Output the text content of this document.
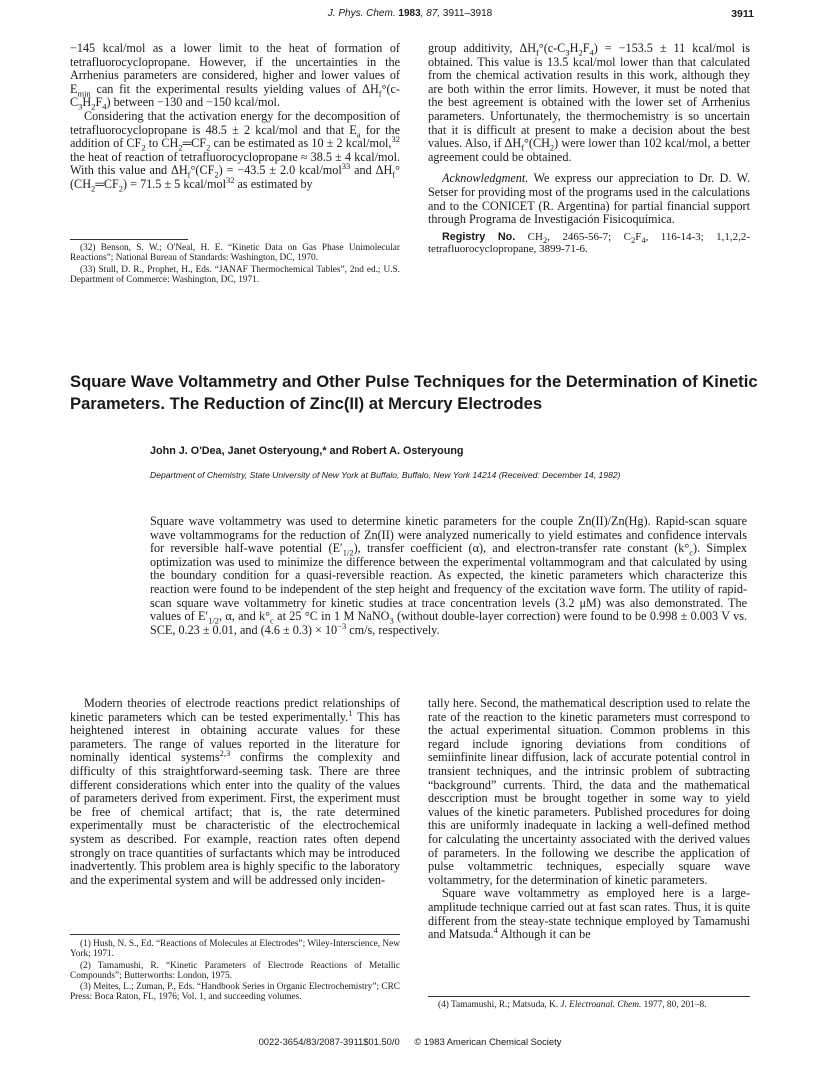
J. Phys. Chem. 1983, 87, 3911–3918	3911

−145 kcal/mol as a lower limit to the heat of formation of tetrafluorocyclopropane. However, if the uncertainties in the Arrhenius parameters are considered, higher and lower values of $E_{min}$ can fit the experimental results yielding values of $\Delta H_f^\circ(c-C_3H_2F_4)$ between −130 and −150 kcal/mol.

Considering that the activation energy for the decomposition of tetrafluorocyclopropane is 48.5 ± 2 kcal/mol and that $E_a$ for the addition of $CF_2$ to $CH_2═CF_2$ can be estimated as 10 ± 2 kcal/mol,$^{32}$ the heat of reaction of tetrafluorocyclopropane ≈ 38.5 ± 4 kcal/mol. With this value and $\Delta H_f^\circ(CF_2) = -43.5 \pm 2.0$ kcal/mol$^{33}$ and $\Delta H_f^\circ(CH_2═CF_2) = 71.5 \pm 5$ kcal/mol$^{32}$ as estimated by

(32) Benson, S. W.; O'Neal, H. E. “Kinetic Data on Gas Phase Unimolecular Reactions”; National Bureau of Standards: Washington, DC, 1970.

(33) Stull, D. R., Prophet, H., Eds. “JANAF Thermochemical Tables”, 2nd ed.; U.S. Department of Commerce: Washington, DC, 1971.

group additivity, $\Delta H_f^\circ(c-C_3H_2F_4) = -153.5 \pm 11$ kcal/mol is obtained. This value is 13.5 kcal/mol lower than that calculated from the chemical activation results in this work, although they are both within the error limits. However, it must be noted that the best agreement is obtained with the lower set of Arrhenius parameters. Unfortunately, the thermochemistry is so uncertain that it is difficult at present to make a decision about the best values. Also, if $\Delta H_f^\circ(CH_2)$ were lower than 102 kcal/mol, a better agreement could be obtained.

Acknowledgment. We express our appreciation to Dr. D. W. Setser for providing most of the programs used in the calculations and to the CONICET (R. Argentina) for partial financial support through Programa de Investigación Fisicoquímica.

Registry No. $CH_2$, 2465-56-7; $C_2F_4$, 116-14-3; 1,1,2,2-tetrafluorocyclopropane, 3899-71-6.

Square Wave Voltammetry and Other Pulse Techniques for the Determination of Kinetic Parameters. The Reduction of Zinc(II) at Mercury Electrodes
John J. O'Dea, Janet Osteryoung,* and Robert A. Osteryoung
Department of Chemistry, State University of New York at Buffalo, Buffalo, New York 14214 (Received: December 14, 1982)
Square wave voltammetry was used to determine kinetic parameters for the couple Zn(II)/Zn(Hg). Rapid-scan square wave voltammograms for the reduction of Zn(II) were analyzed numerically to yield estimates and confidence intervals for reversible half-wave potential $(E'_{1/2})$, transfer coefficient (α), and electron-transfer rate constant $(k^\circ_c)$. Simplex optimization was used to minimize the difference between the experimental voltammogram and that calculated by using the boundary condition for a quasi-reversible reaction. As expected, the kinetic parameters which characterize this reaction were found to be independent of the step height and frequency of the excitation wave form. The utility of rapid-scan square wave voltammetry for kinetic studies at trace concentration levels (3.2 μM) was also demonstrated. The values of $E'_{1/2}$, α, and $k^\circ_c$ at 25 °C in 1 M NaNO$_3$ (without double-layer correction) were found to be 0.998 ± 0.003 V vs. SCE, 0.23 ± 0.01, and $(4.6 \pm 0.3) \times 10^{-3}$ cm/s, respectively.

Modern theories of electrode reactions predict relationships of kinetic parameters which can be tested experimentally.$^1$ This has heightened interest in obtaining accurate values for these parameters. The range of values reported in the literature for nominally identical systems$^{2,3}$ confirms the complexity and difficulty of this straightforward-seeming task. There are three different considerations which enter into the quality of the values of parameters derived from experiment. First, the experiment must be free of chemical artifact; that is, the rate determined experimentally must be characteristic of the electrochemical system as described. For example, reaction rates often depend strongly on trace quantities of surfactants which may be introduced inadvertently. This problem area is highly specific to the laboratory and the experimental system and will be addressed only inciden-

(1) Hush, N. S., Ed. “Reactions of Molecules at Electrodes”; Wiley-Interscience, New York; 1971.

(2) Tamamushi, R. “Kinetic Parameters of Electrode Reactions of Metallic Compounds”; Butterworths: London, 1975.

(3) Meites, L.; Zuman, P., Eds. “Handbook Series in Organic Electrochemistry”; CRC Press: Boca Raton, FL, 1976; Vol. 1, and succeeding volumes.

tally here. Second, the mathematical description used to relate the rate of the reaction to the kinetic parameters must correspond to the actual experimental situation. Common problems in this regard include ignoring deviations from conditions of semiinfinite linear diffusion, lack of accurate potential control in transient techniques, and the intrinsic problem of subtracting “background” currents. Third, the data and the mathematical desccription must be brought together in some way to yield values of the kinetic parameters. Published procedures for doing this are uniformly inadequate in lacking a well-defined method for calculating the uncertainty associated with the derived values of parameters. In the following we describe the application of pulse voltammetric techniques, especially square wave voltammetry, for the determination of kinetic parameters.

Square wave voltammetry as employed here is a large-amplitude technique carried out at fast scan rates. Thus, it is quite different from the steay-state technique employed by Tamamushi and Matsuda.$^4$ Although it can be

(4) Tamamushi, R.; Matsuda, K. J. Electroanal. Chem. 1977, 80, 201–8.

0022-3654/83/2087-3911$01.50/0 © 1983 American Chemical Society
